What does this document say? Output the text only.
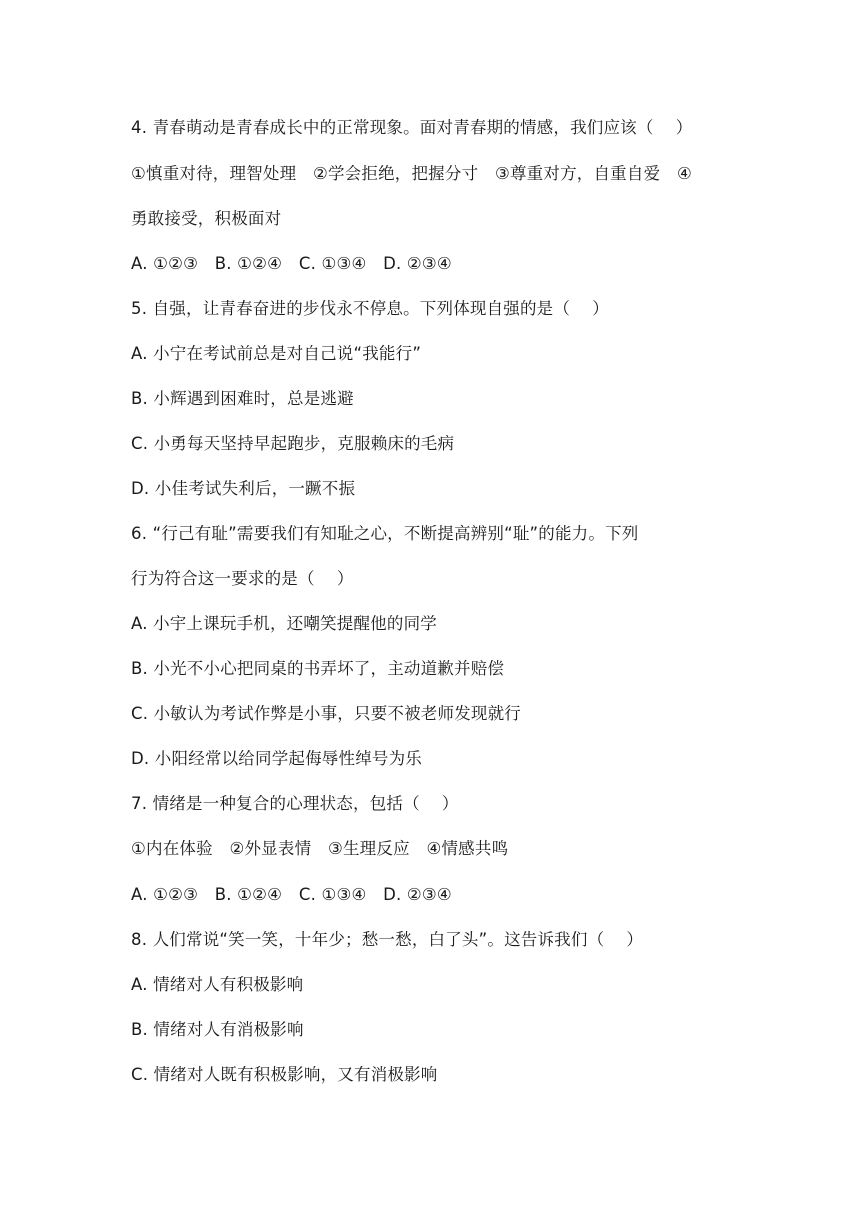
4. 青春萌动是青春成长中的正常现象。面对青春期的情感，我们应该（　 ）
①慎重对待，理智处理　②学会拒绝，把握分寸　③尊重对方，自重自爱　④
勇敢接受，积极面对
A. ①②③　B. ①②④　C. ①③④　D. ②③④
5. 自强，让青春奋进的步伐永不停息。下列体现自强的是（　 ）
A. 小宁在考试前总是对自己说“我能行”
B. 小辉遇到困难时，总是逃避
C. 小勇每天坚持早起跑步，克服赖床的毛病
D. 小佳考试失利后，一蹶不振
6. “行己有耻”需要我们有知耻之心，不断提高辨别“耻”的能力。下列
行为符合这一要求的是（　 ）
A. 小宇上课玩手机，还嘲笑提醒他的同学
B. 小光不小心把同桌的书弄坏了，主动道歉并赔偿
C. 小敏认为考试作弊是小事，只要不被老师发现就行
D. 小阳经常以给同学起侮辱性绰号为乐
7. 情绪是一种复合的心理状态，包括（　 ）
①内在体验　②外显表情　③生理反应　④情感共鸣
A. ①②③　B. ①②④　C. ①③④　D. ②③④
8. 人们常说“笑一笑，十年少；愁一愁，白了头”。这告诉我们（　 ）
A. 情绪对人有积极影响
B. 情绪对人有消极影响
C. 情绪对人既有积极影响，又有消极影响
